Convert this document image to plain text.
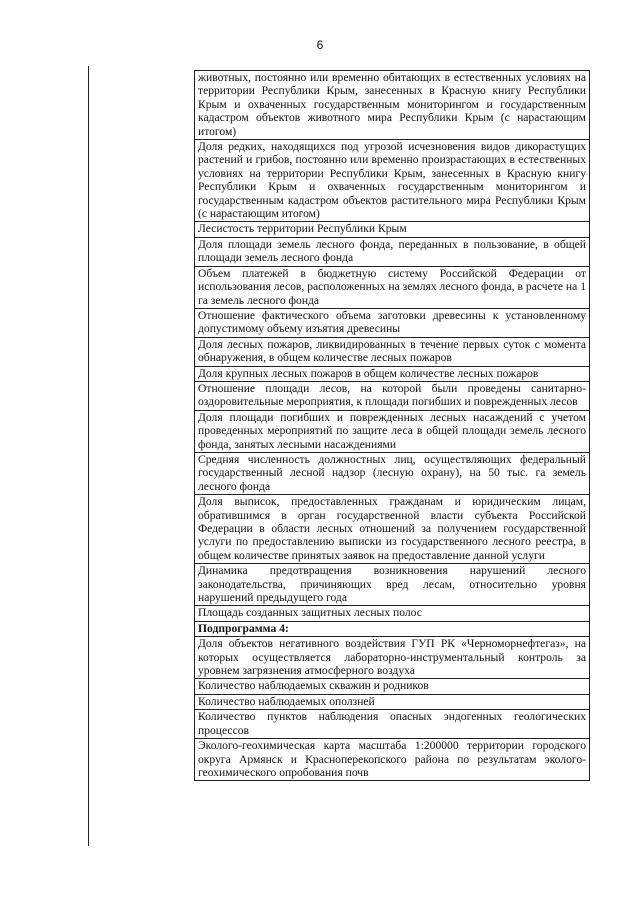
6
животных, постоянно или временно обитающих в естественных условиях на территории Республики Крым, занесенных в Красную книгу Республики Крым и охваченных государственным мониторингом и государственным кадастром объектов животного мира Республики Крым (с нарастающим итогом)
Доля редких, находящихся под угрозой исчезновения видов дикорастущих растений и грибов, постоянно или временно произрастающих в естественных условиях на территории Республики Крым, занесенных в Красную книгу Республики Крым и охваченных государственным мониторингом и государственным кадастром объектов растительного мира Республики Крым (с нарастающим итогом)
Лесистость территории Республики Крым
Доля площади земель лесного фонда, переданных в пользование, в общей площади земель лесного фонда
Объем платежей в бюджетную систему Российской Федерации от использования лесов, расположенных на землях лесного фонда, в расчете на 1 га земель лесного фонда
Отношение фактического объема заготовки древесины к установленному допустимому объему изъятия древесины
Доля лесных пожаров, ликвидированных в течение первых суток с момента обнаружения, в общем количестве лесных пожаров
Доля крупных лесных пожаров в общем количестве лесных пожаров
Отношение площади лесов, на которой были проведены санитарно-оздоровительные мероприятия, к площади погибших и поврежденных лесов
Доля площади погибших и поврежденных лесных насаждений с учетом проведенных мероприятий по защите леса в общей площади земель лесного фонда, занятых лесными насаждениями
Средняя численность должностных лиц, осуществляющих федеральный государственный лесной надзор (лесную охрану), на 50 тыс. га земель лесного фонда
Доля выписок, предоставленных гражданам и юридическим лицам, обратившимся в орган государственной власти субъекта Российской Федерации в области лесных отношений за получением государственной услуги по предоставлению выписки из государственного лесного реестра, в общем количестве принятых заявок на предоставление данной услуги
Динамика предотвращения возникновения нарушений лесного законодательства, причиняющих вред лесам, относительно уровня нарушений предыдущего года
Площадь созданных защитных лесных полос
Подпрограмма 4:
Доля объектов негативного воздействия ГУП РК «Черноморнефтегаз», на которых осуществляется лабораторно-инструментальный контроль за уровнем загрязнения атмосферного воздуха
Количество наблюдаемых скважин и родников
Количество наблюдаемых оползней
Количество пунктов наблюдения опасных эндогенных геологических процессов
Эколого-геохимическая карта масштаба 1:200000 территории городского округа Армянск и Красноперекопского района по результатам эколого-геохимического опробования почв
